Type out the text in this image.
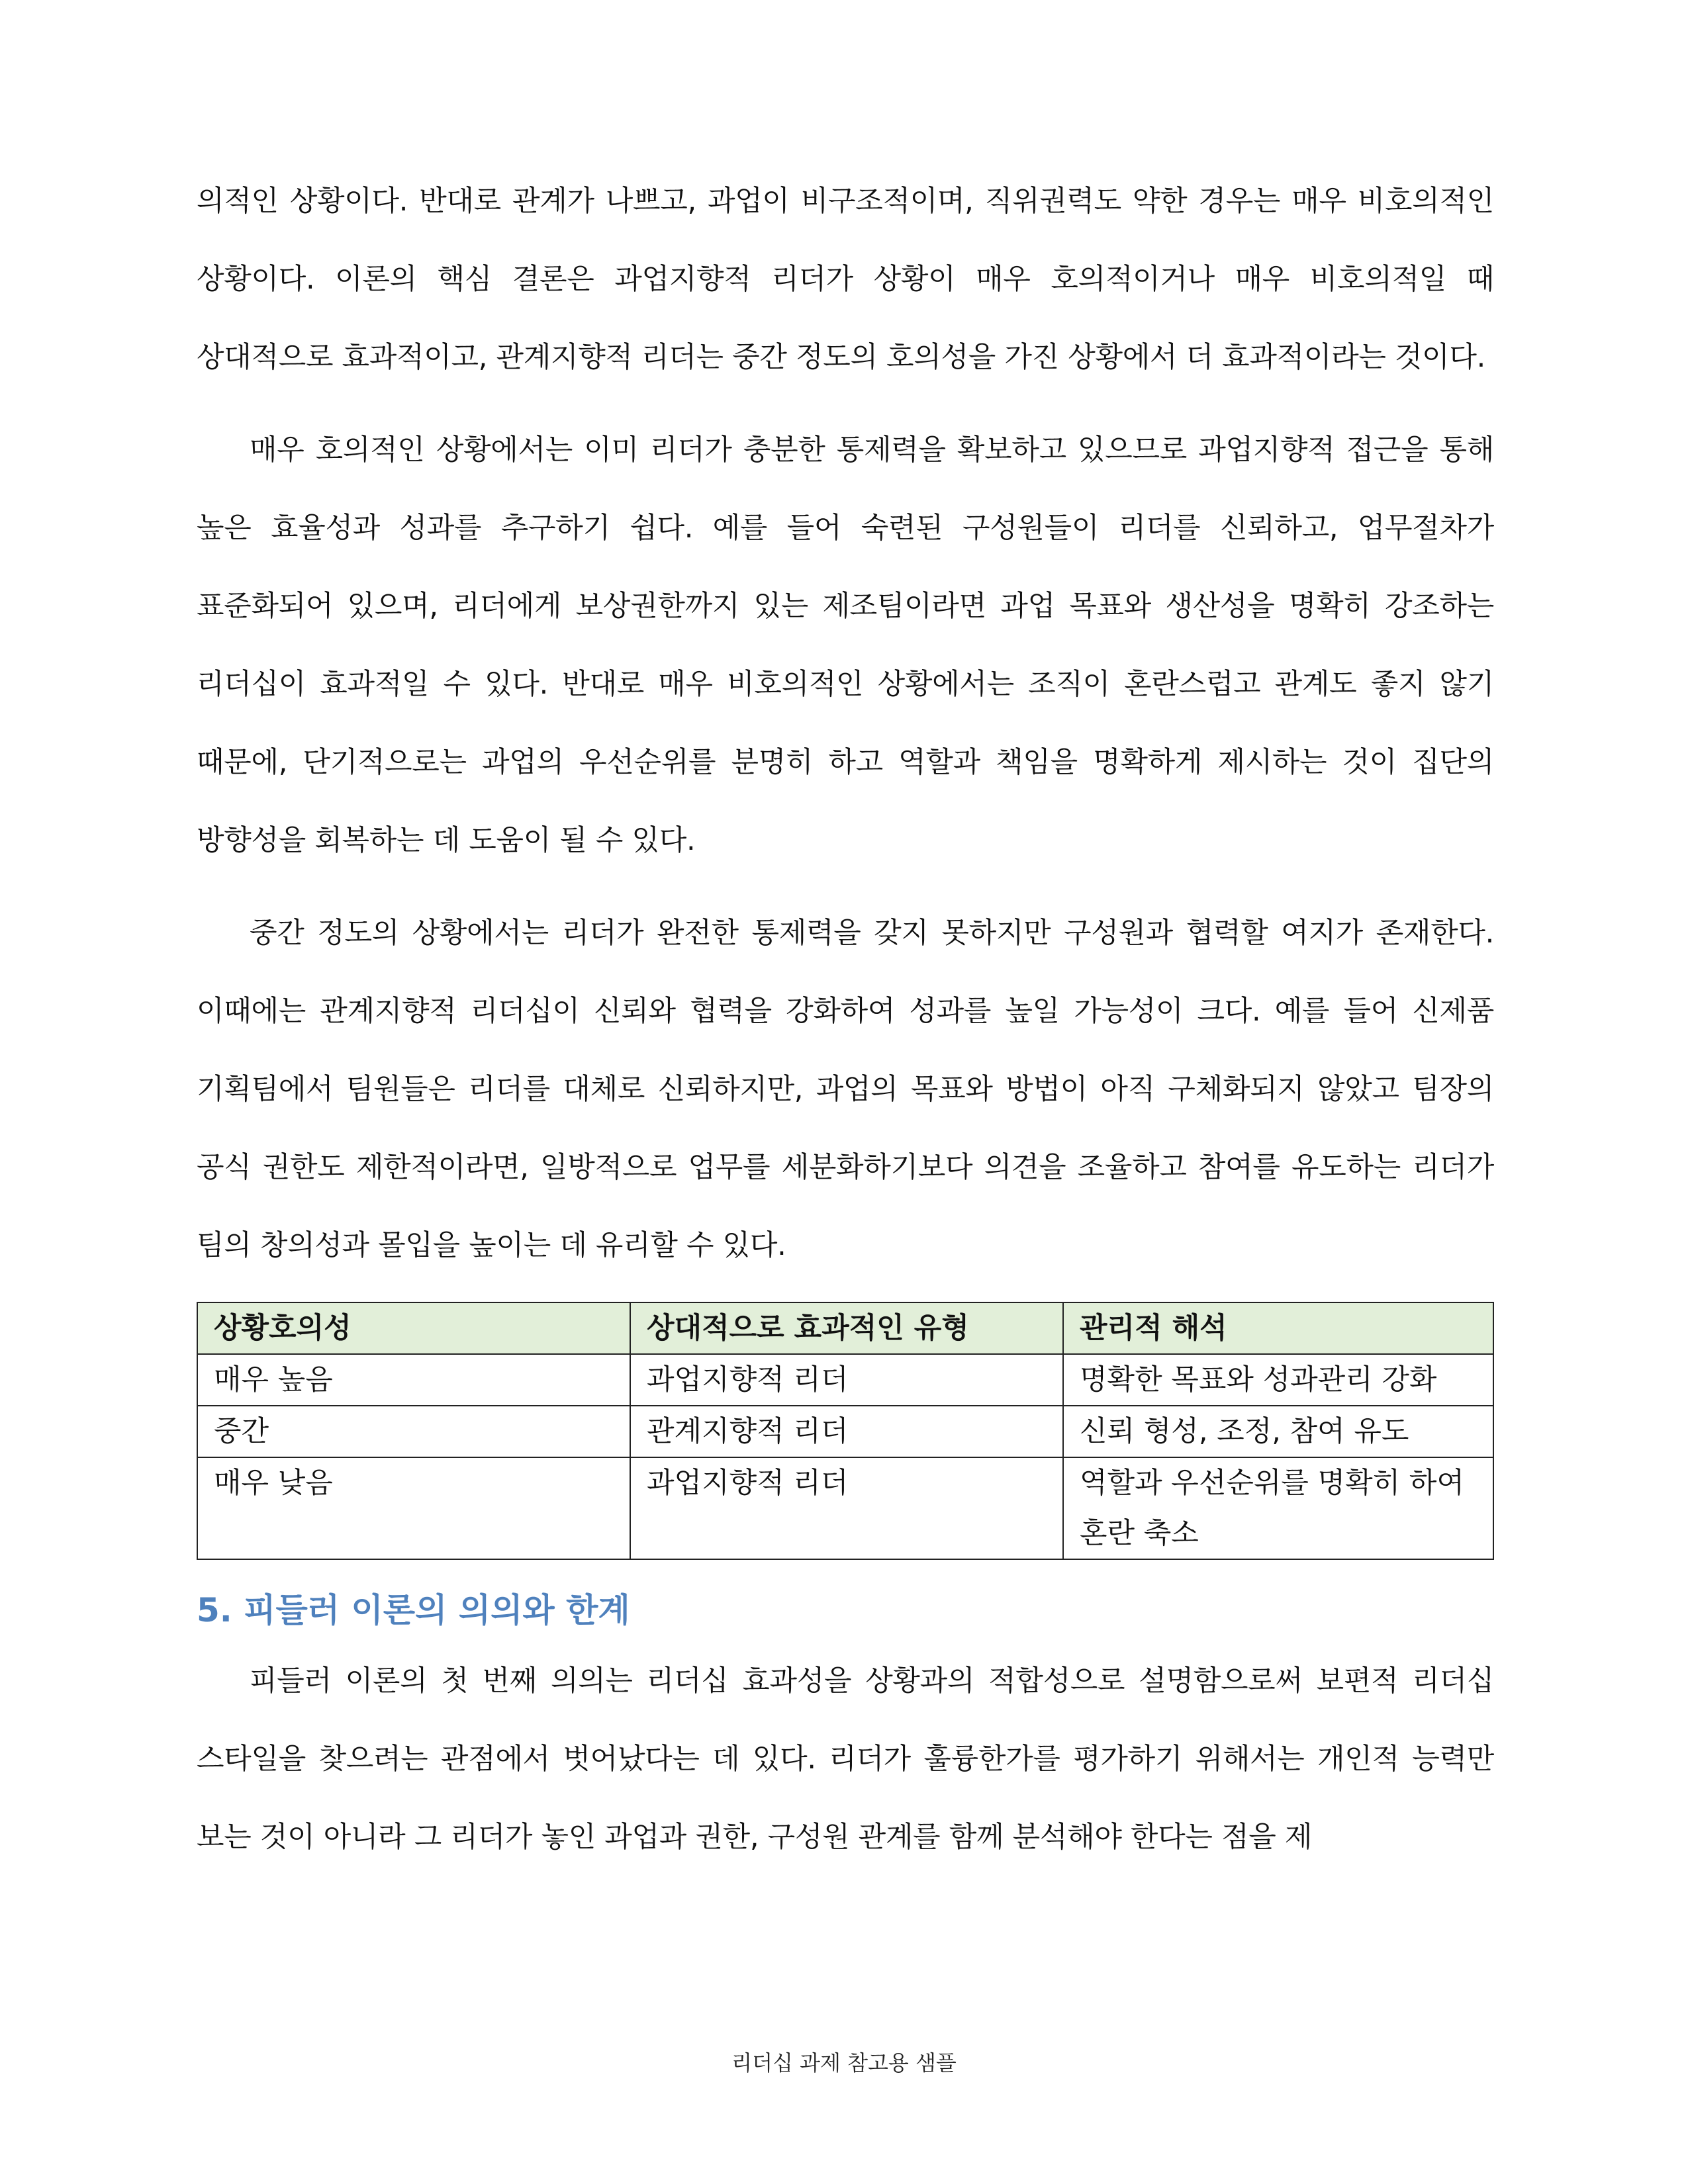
의적인 상황이다. 반대로 관계가 나쁘고, 과업이 비구조적이며, 직위권력도 약한 경우는 매우 비호의적인 상황이다. 이론의 핵심 결론은 과업지향적 리더가 상황이 매우 호의적이거나 매우 비호의적일 때 상대적으로 효과적이고, 관계지향적 리더는 중간 정도의 호의성을 가진 상황에서 더 효과적이라는 것이다.

매우 호의적인 상황에서는 이미 리더가 충분한 통제력을 확보하고 있으므로 과업지향적 접근을 통해 높은 효율성과 성과를 추구하기 쉽다. 예를 들어 숙련된 구성원들이 리더를 신뢰하고, 업무절차가 표준화되어 있으며, 리더에게 보상권한까지 있는 제조팀이라면 과업 목표와 생산성을 명확히 강조하는 리더십이 효과적일 수 있다. 반대로 매우 비호의적인 상황에서는 조직이 혼란스럽고 관계도 좋지 않기 때문에, 단기적으로는 과업의 우선순위를 분명히 하고 역할과 책임을 명확하게 제시하는 것이 집단의 방향성을 회복하는 데 도움이 될 수 있다.

중간 정도의 상황에서는 리더가 완전한 통제력을 갖지 못하지만 구성원과 협력할 여지가 존재한다. 이때에는 관계지향적 리더십이 신뢰와 협력을 강화하여 성과를 높일 가능성이 크다. 예를 들어 신제품 기획팀에서 팀원들은 리더를 대체로 신뢰하지만, 과업의 목표와 방법이 아직 구체화되지 않았고 팀장의 공식 권한도 제한적이라면, 일방적으로 업무를 세분화하기보다 의견을 조율하고 참여를 유도하는 리더가 팀의 창의성과 몰입을 높이는 데 유리할 수 있다.

상황호의성	상대적으로 효과적인 유형	관리적 해석
매우 높음	과업지향적 리더	명확한 목표와 성과관리 강화
중간	관계지향적 리더	신뢰 형성, 조정, 참여 유도
매우 낮음	과업지향적 리더	역할과 우선순위를 명확히 하여 혼란 축소
5. 피들러 이론의 의의와 한계

피들러 이론의 첫 번째 의의는 리더십 효과성을 상황과의 적합성으로 설명함으로써 보편적 리더십 스타일을 찾으려는 관점에서 벗어났다는 데 있다. 리더가 훌륭한가를 평가하기 위해서는 개인적 능력만 보는 것이 아니라 그 리더가 놓인 과업과 권한, 구성원 관계를 함께 분석해야 한다는 점을 제

리더십 과제 참고용 샘플
